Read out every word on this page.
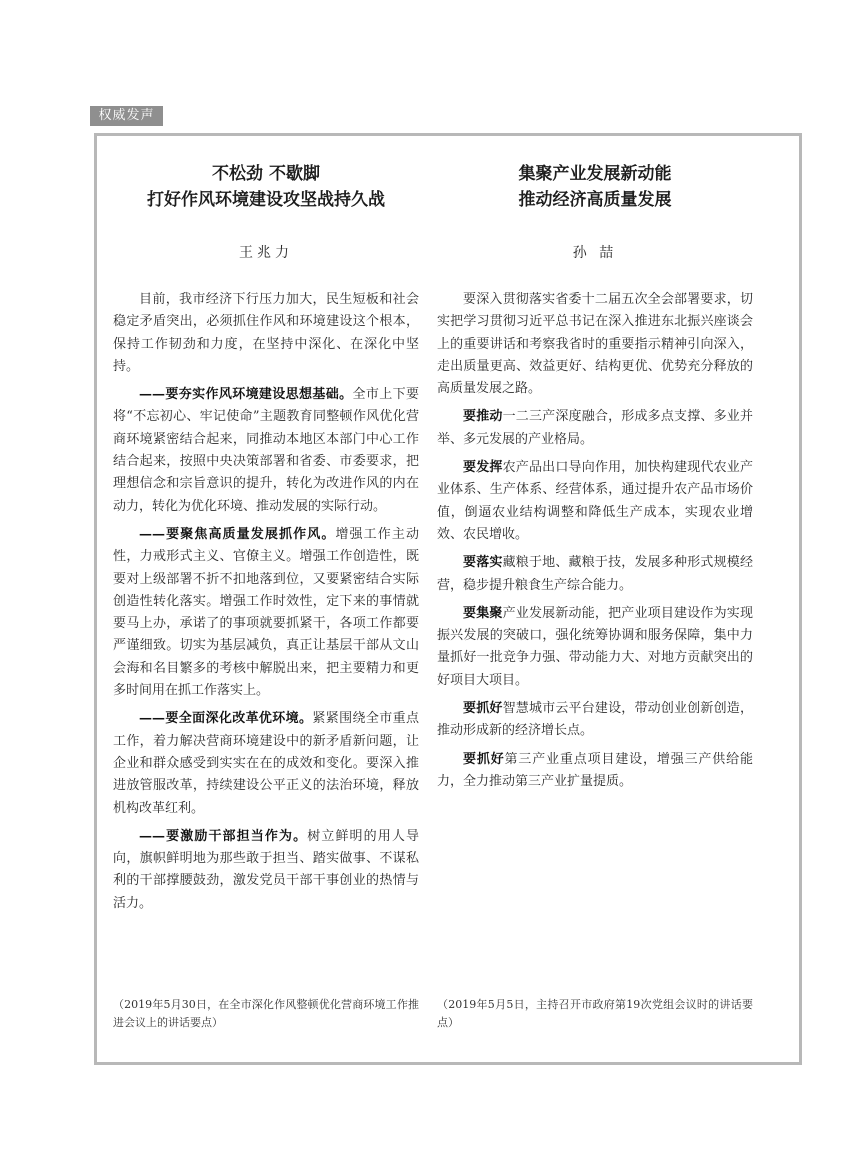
权威发声
不松劲 不歇脚
打好作风环境建设攻坚战持久战
王兆力

目前，我市经济下行压力加大，民生短板和社会稳定矛盾突出，必须抓住作风和环境建设这个根本，保持工作韧劲和力度，在坚持中深化、在深化中坚持。

——要夯实作风环境建设思想基础。全市上下要将“不忘初心、牢记使命”主题教育同整顿作风优化营商环境紧密结合起来，同推动本地区本部门中心工作结合起来，按照中央决策部署和省委、市委要求，把理想信念和宗旨意识的提升，转化为改进作风的内在动力，转化为优化环境、推动发展的实际行动。

——要聚焦高质量发展抓作风。增强工作主动性，力戒形式主义、官僚主义。增强工作创造性，既要对上级部署不折不扣地落到位，又要紧密结合实际创造性转化落实。增强工作时效性，定下来的事情就要马上办，承诺了的事项就要抓紧干，各项工作都要严谨细致。切实为基层减负，真正让基层干部从文山会海和名目繁多的考核中解脱出来，把主要精力和更多时间用在抓工作落实上。

——要全面深化改革优环境。紧紧围绕全市重点工作，着力解决营商环境建设中的新矛盾新问题，让企业和群众感受到实实在在的成效和变化。要深入推进放管服改革，持续建设公平正义的法治环境，释放机构改革红利。

——要激励干部担当作为。树立鲜明的用人导向，旗帜鲜明地为那些敢于担当、踏实做事、不谋私利的干部撑腰鼓劲，激发党员干部干事创业的热情与活力。

（2019年5月30日，在全市深化作风整顿优化营商环境工作推进会议上的讲话要点）
集聚产业发展新动能
推动经济高质量发展
孙 喆

要深入贯彻落实省委十二届五次全会部署要求，切实把学习贯彻习近平总书记在深入推进东北振兴座谈会上的重要讲话和考察我省时的重要指示精神引向深入，走出质量更高、效益更好、结构更优、优势充分释放的高质量发展之路。

要推动一二三产深度融合，形成多点支撑、多业并举、多元发展的产业格局。

要发挥农产品出口导向作用，加快构建现代农业产业体系、生产体系、经营体系，通过提升农产品市场价值，倒逼农业结构调整和降低生产成本，实现农业增效、农民增收。

要落实藏粮于地、藏粮于技，发展多种形式规模经营，稳步提升粮食生产综合能力。

要集聚产业发展新动能，把产业项目建设作为实现振兴发展的突破口，强化统筹协调和服务保障，集中力量抓好一批竞争力强、带动能力大、对地方贡献突出的好项目大项目。

要抓好智慧城市云平台建设，带动创业创新创造，推动形成新的经济增长点。

要抓好第三产业重点项目建设，增强三产供给能力，全力推动第三产业扩量提质。

（2019年5月5日，主持召开市政府第19次党组会议时的讲话要点）
